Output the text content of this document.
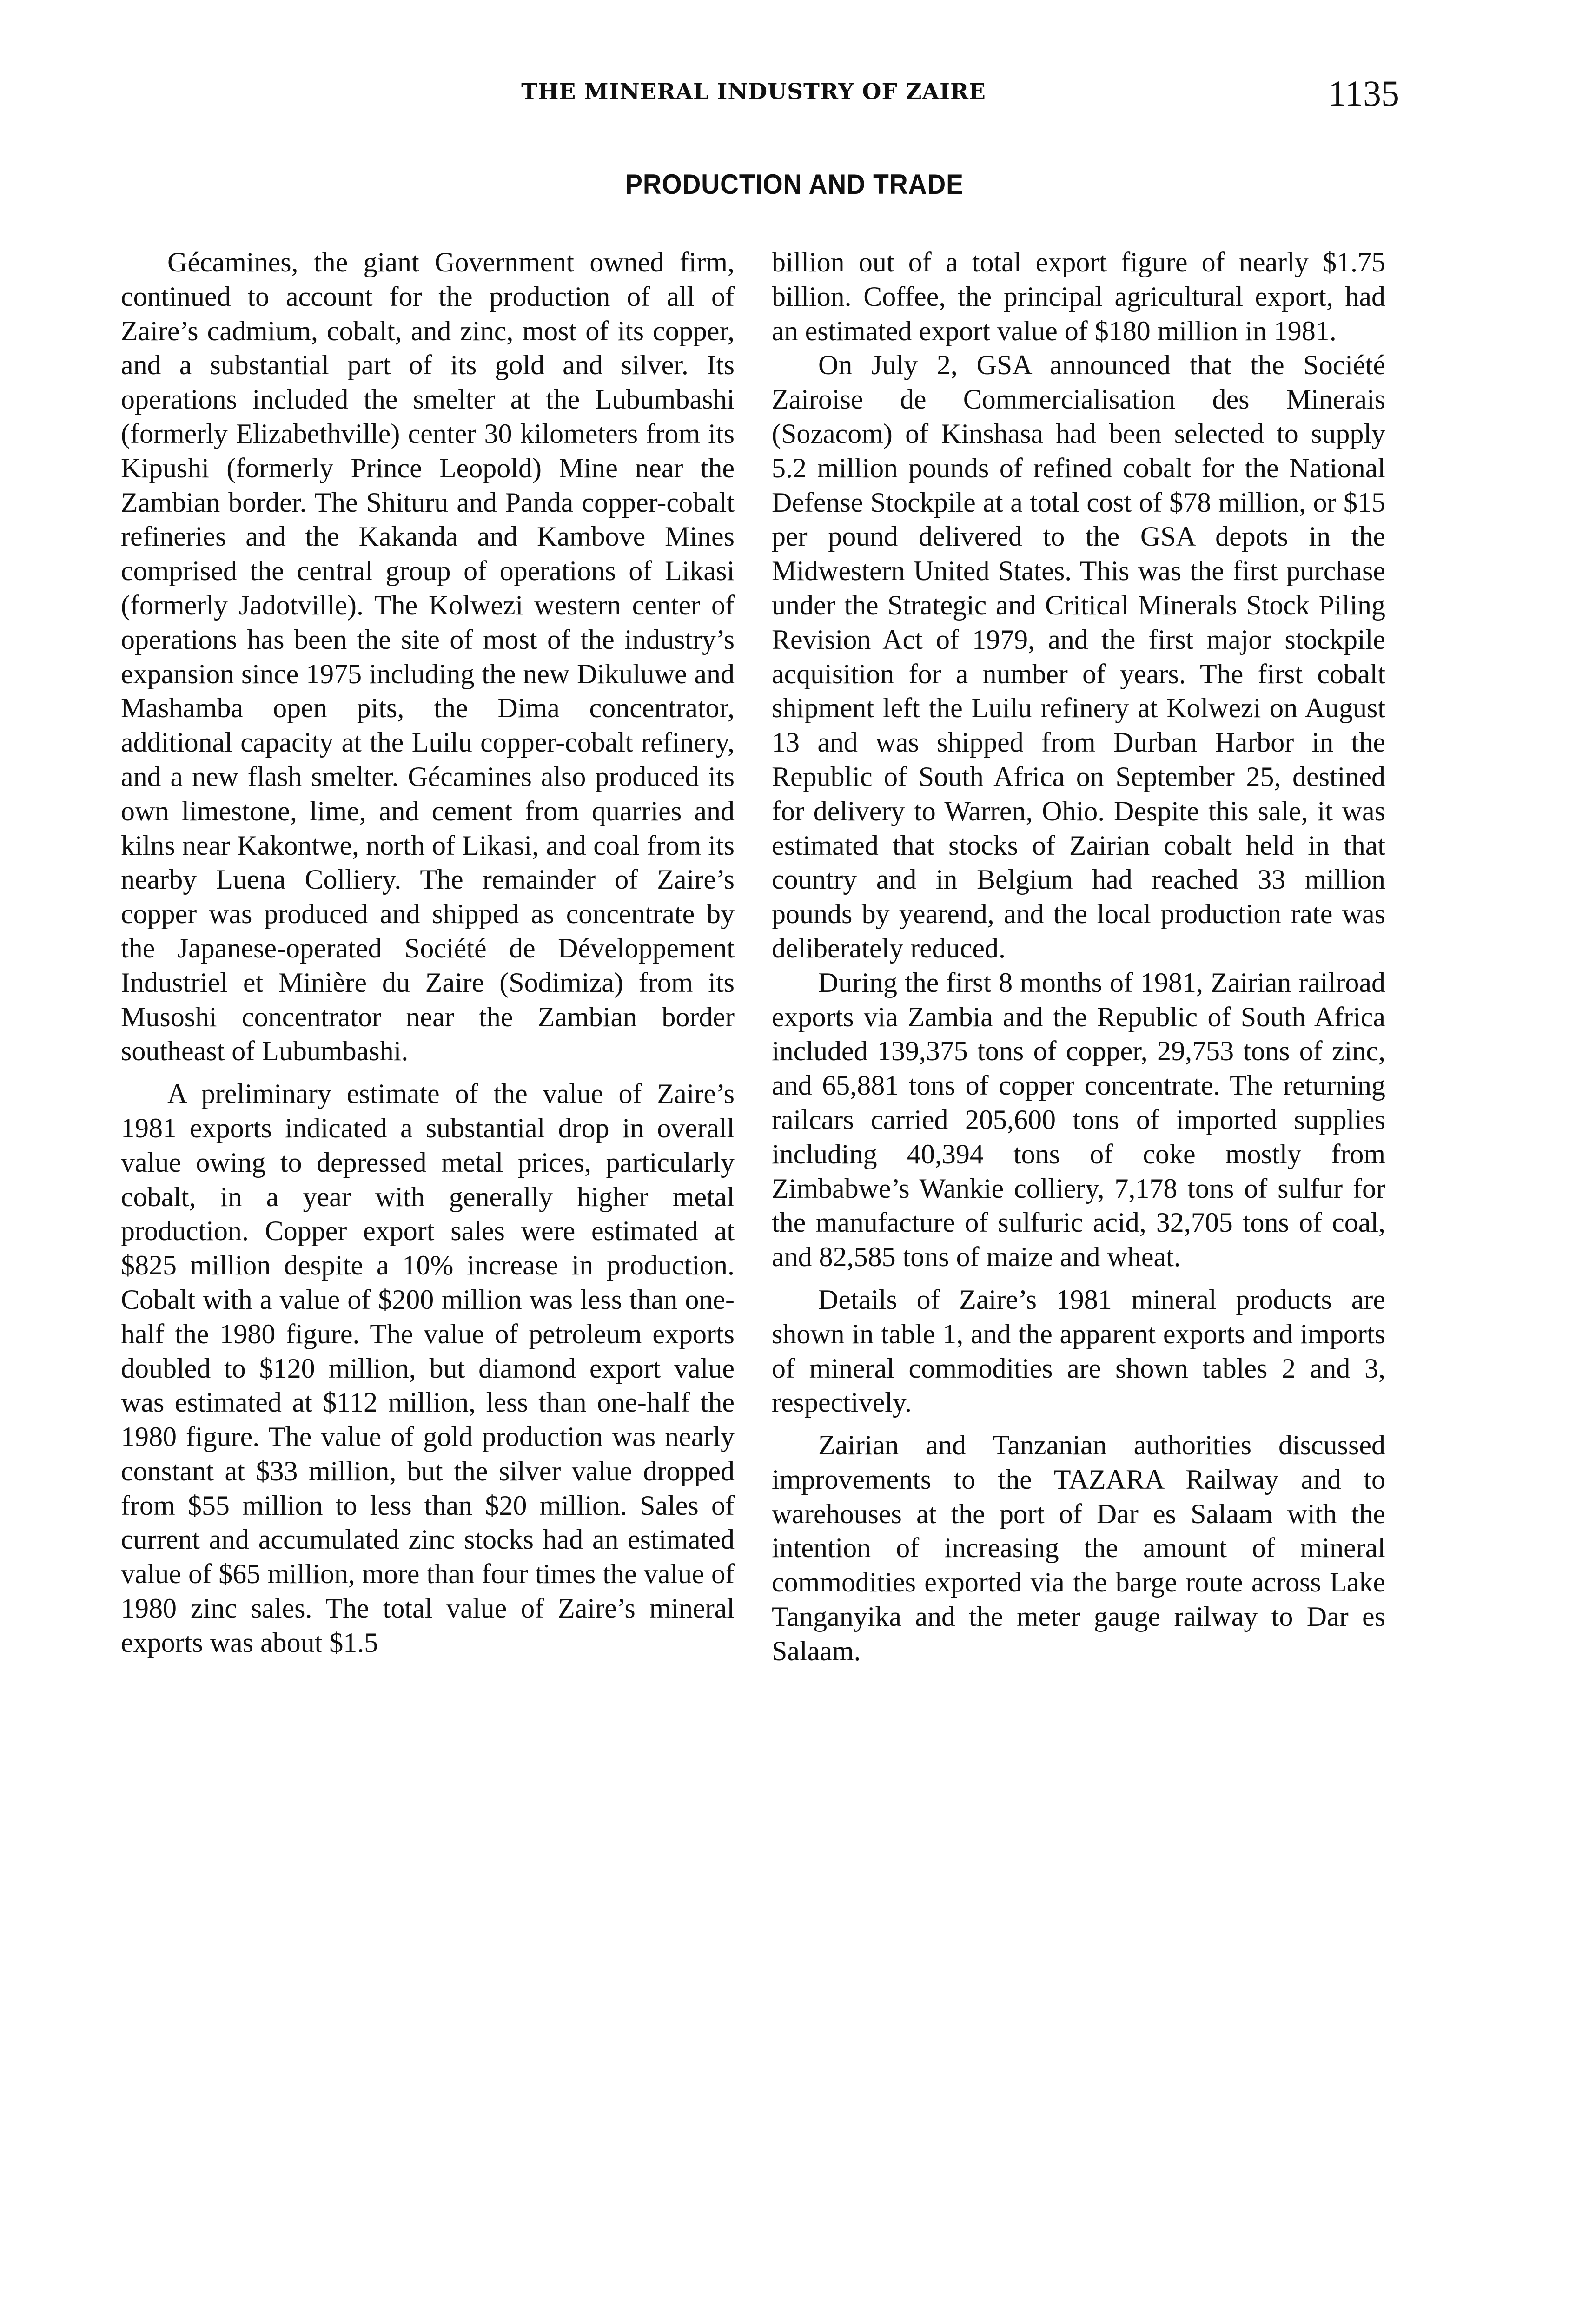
THE MINERAL INDUSTRY OF ZAIRE	1135
PRODUCTION AND TRADE

Gécamines, the giant Government owned firm, continued to account for the production of all of Zaire’s cadmium, cobalt, and zinc, most of its copper, and a substantial part of its gold and silver. Its operations included the smelter at the Lubumbashi (formerly Elizabethville) center 30 kilometers from its Kipushi (formerly Prince Leopold) Mine near the Zambian border. The Shituru and Panda copper-cobalt refineries and the Kakanda and Kambove Mines comprised the central group of operations of Likasi (formerly Jadotville). The Kolwezi western center of operations has been the site of most of the industry’s expansion since 1975 including the new Dikuluwe and Mashamba open pits, the Dima concentrator, additional capacity at the Luilu copper-cobalt refinery, and a new flash smelter. Gécamines also produced its own limestone, lime, and cement from quarries and kilns near Kakontwe, north of Likasi, and coal from its nearby Luena Colliery. The remainder of Zaire’s copper was produced and shipped as concentrate by the Japanese-operated Société de Développement Industriel et Minière du Zaire (Sodimiza) from its Musoshi concentrator near the Zambian border southeast of Lubumbashi.

A preliminary estimate of the value of Zaire’s 1981 exports indicated a substantial drop in overall value owing to depressed metal prices, particularly cobalt, in a year with generally higher metal production. Copper export sales were estimated at $825 million despite a 10% increase in production. Cobalt with a value of $200 million was less than one-half the 1980 figure. The value of petroleum exports doubled to $120 million, but diamond export value was estimated at $112 million, less than one-half the 1980 figure. The value of gold production was nearly constant at $33 million, but the silver value dropped from $55 million to less than $20 million. Sales of current and accumulated zinc stocks had an estimated value of $65 million, more than four times the value of 1980 zinc sales. The total value of Zaire’s mineral exports was about $1.5

billion out of a total export figure of nearly $1.75 billion. Coffee, the principal agricultural export, had an estimated export value of $180 million in 1981.

On July 2, GSA announced that the Société Zairoise de Commercialisation des Minerais (Sozacom) of Kinshasa had been selected to supply 5.2 million pounds of refined cobalt for the National Defense Stockpile at a total cost of $78 million, or $15 per pound delivered to the GSA depots in the Midwestern United States. This was the first purchase under the Strategic and Critical Minerals Stock Piling Revision Act of 1979, and the first major stockpile acquisition for a number of years. The first cobalt shipment left the Luilu refinery at Kolwezi on August 13 and was shipped from Durban Harbor in the Republic of South Africa on September 25, destined for delivery to Warren, Ohio. Despite this sale, it was estimated that stocks of Zairian cobalt held in that country and in Belgium had reached 33 million pounds by yearend, and the local production rate was deliberately reduced.

During the first 8 months of 1981, Zairian railroad exports via Zambia and the Republic of South Africa included 139,375 tons of copper, 29,753 tons of zinc, and 65,881 tons of copper concentrate. The returning railcars carried 205,600 tons of imported supplies including 40,394 tons of coke mostly from Zimbabwe’s Wankie colliery, 7,178 tons of sulfur for the manufacture of sulfuric acid, 32,705 tons of coal, and 82,585 tons of maize and wheat.

Details of Zaire’s 1981 mineral products are shown in table 1, and the apparent exports and imports of mineral commodities are shown tables 2 and 3, respectively.

Zairian and Tanzanian authorities discussed improvements to the TAZARA Railway and to warehouses at the port of Dar es Salaam with the intention of increasing the amount of mineral commodities exported via the barge route across Lake Tanganyika and the meter gauge railway to Dar es Salaam.
